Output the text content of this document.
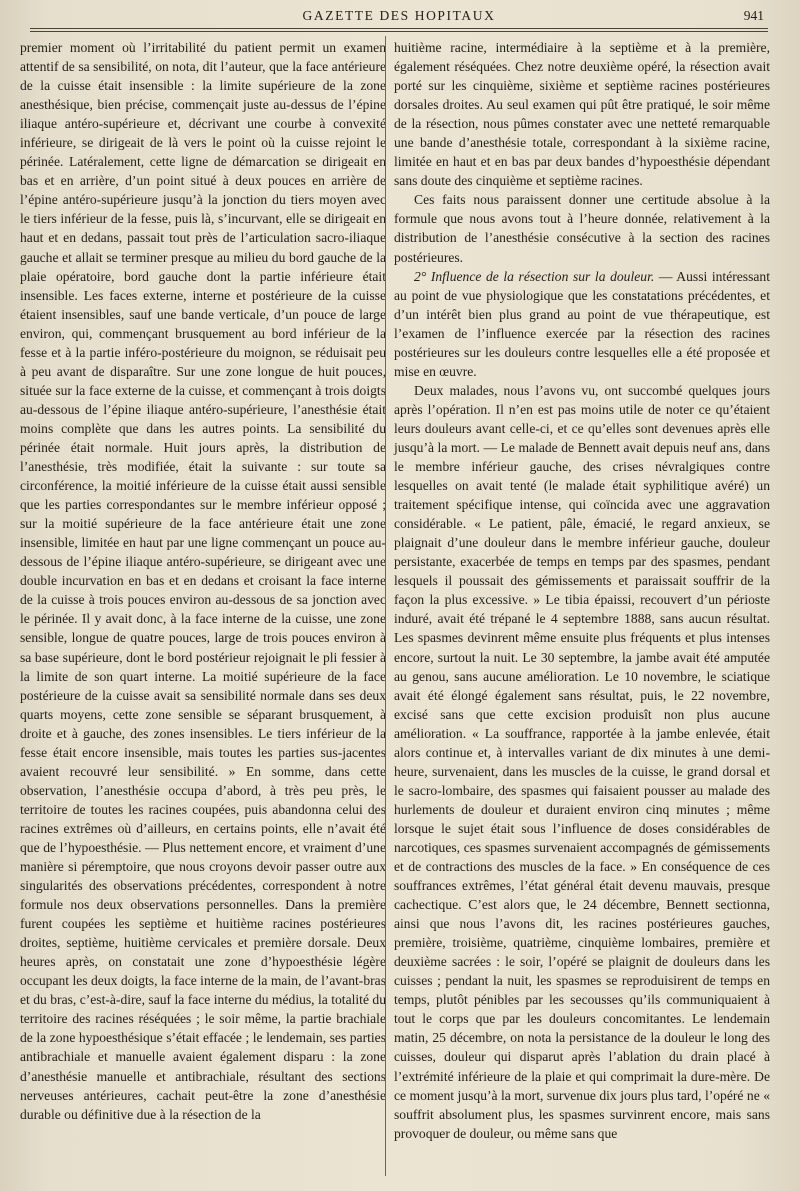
GAZETTE DES HOPITAUX	941

premier moment où l’irritabilité du patient permit un examen attentif de sa sensibilité, on nota, dit l’auteur, que la face antérieure de la cuisse était insensible : la limite supérieure de la zone anesthésique, bien précise, commençait juste au-dessus de l’épine iliaque antéro-supérieure et, décrivant une courbe à convexité inférieure, se dirigeait de là vers le point où la cuisse rejoint le périnée. Latéralement, cette ligne de démarcation se dirigeait en bas et en arrière, d’un point situé à deux pouces en arrière de l’épine antéro-supérieure jusqu’à la jonction du tiers moyen avec le tiers inférieur de la fesse, puis là, s’incurvant, elle se dirigeait en haut et en dedans, passait tout près de l’articulation sacro-iliaque gauche et allait se terminer presque au milieu du bord gauche de la plaie opératoire, bord gauche dont la partie inférieure était insensible. Les faces externe, interne et postérieure de la cuisse étaient insensibles, sauf une bande verticale, d’un pouce de large environ, qui, commençant brusquement au bord inférieur de la fesse et à la partie inféro-postérieure du moignon, se réduisait peu à peu avant de disparaître. Sur une zone longue de huit pouces, située sur la face externe de la cuisse, et commençant à trois doigts au-dessous de l’épine iliaque antéro-supérieure, l’anesthésie était moins complète que dans les autres points. La sensibilité du périnée était normale. Huit jours après, la distribution de l’anesthésie, très modifiée, était la suivante : sur toute sa circonférence, la moitié inférieure de la cuisse était aussi sensible que les parties correspondantes sur le membre inférieur opposé ; sur la moitié supérieure de la face antérieure était une zone insensible, limitée en haut par une ligne commençant un pouce au-dessous de l’épine iliaque antéro-supérieure, se dirigeant avec une double incurvation en bas et en dedans et croisant la face interne de la cuisse à trois pouces environ au-dessous de sa jonction avec le périnée. Il y avait donc, à la face interne de la cuisse, une zone sensible, longue de quatre pouces, large de trois pouces environ à sa base supérieure, dont le bord postérieur rejoignait le pli fessier à la limite de son quart interne. La moitié supérieure de la face postérieure de la cuisse avait sa sensibilité normale dans ses deux quarts moyens, cette zone sensible se séparant brusquement, à droite et à gauche, des zones insensibles. Le tiers inférieur de la fesse était encore insensible, mais toutes les parties sus-jacentes avaient recouvré leur sensibilité. » En somme, dans cette observation, l’anesthésie occupa d’abord, à très peu près, le territoire de toutes les racines coupées, puis abandonna celui des racines extrêmes où d’ailleurs, en certains points, elle n’avait été que de l’hypoesthésie. — Plus nettement encore, et vraiment d’une manière si péremptoire, que nous croyons devoir passer outre aux singularités des observations précédentes, correspondent à notre formule nos deux observations personnelles. Dans la première furent coupées les septième et huitième racines postérieures droites, septième, huitième cervicales et première dorsale. Deux heures après, on constatait une zone d’hypoesthésie légère occupant les deux doigts, la face interne de la main, de l’avant-bras et du bras, c’est-à-dire, sauf la face interne du médius, la totalité du territoire des racines réséquées ; le soir même, la partie brachiale de la zone hypoesthésique s’était effacée ; le lendemain, ses parties antibrachiale et manuelle avaient également disparu : la zone d’anesthésie manuelle et antibrachiale, résultant des sections nerveuses antérieures, cachait peut-être la zone d’anesthésie durable ou définitive due à la résection de la

huitième racine, intermédiaire à la septième et à la première, également réséquées. Chez notre deuxième opéré, la résection avait porté sur les cinquième, sixième et septième racines postérieures dorsales droites. Au seul examen qui pût être pratiqué, le soir même de la résection, nous pûmes constater avec une netteté remarquable une bande d’anesthésie totale, correspondant à la sixième racine, limitée en haut et en bas par deux bandes d’hypoesthésie dépendant sans doute des cinquième et septième racines.

Ces faits nous paraissent donner une certitude absolue à la formule que nous avons tout à l’heure donnée, relativement à la distribution de l’anesthésie consécutive à la section des racines postérieures.

2° Influence de la résection sur la douleur. — Aussi intéressant au point de vue physiologique que les constatations précédentes, et d’un intérêt bien plus grand au point de vue thérapeutique, est l’examen de l’influence exercée par la résection des racines postérieures sur les douleurs contre lesquelles elle a été proposée et mise en œuvre.

Deux malades, nous l’avons vu, ont succombé quelques jours après l’opération. Il n’en est pas moins utile de noter ce qu’étaient leurs douleurs avant celle-ci, et ce qu’elles sont devenues après elle jusqu’à la mort. — Le malade de Bennett avait depuis neuf ans, dans le membre inférieur gauche, des crises névralgiques contre lesquelles on avait tenté (le malade était syphilitique avéré) un traitement spécifique intense, qui coïncida avec une aggravation considérable. « Le patient, pâle, émacié, le regard anxieux, se plaignait d’une douleur dans le membre inférieur gauche, douleur persistante, exacerbée de temps en temps par des spasmes, pendant lesquels il poussait des gémissements et paraissait souffrir de la façon la plus excessive. » Le tibia épaissi, recouvert d’un périoste induré, avait été trépané le 4 septembre 1888, sans aucun résultat. Les spasmes devinrent même ensuite plus fréquents et plus intenses encore, surtout la nuit. Le 30 septembre, la jambe avait été amputée au genou, sans aucune amélioration. Le 10 novembre, le sciatique avait été élongé également sans résultat, puis, le 22 novembre, excisé sans que cette excision produisît non plus aucune amélioration. « La souffrance, rapportée à la jambe enlevée, était alors continue et, à intervalles variant de dix minutes à une demi-heure, survenaient, dans les muscles de la cuisse, le grand dorsal et le sacro-lombaire, des spasmes qui faisaient pousser au malade des hurlements de douleur et duraient environ cinq minutes ; même lorsque le sujet était sous l’influence de doses considérables de narcotiques, ces spasmes survenaient accompagnés de gémissements et de contractions des muscles de la face. » En conséquence de ces souffrances extrêmes, l’état général était devenu mauvais, presque cachectique. C’est alors que, le 24 décembre, Bennett sectionna, ainsi que nous l’avons dit, les racines postérieures gauches, première, troisième, quatrième, cinquième lombaires, première et deuxième sacrées : le soir, l’opéré se plaignit de douleurs dans les cuisses ; pendant la nuit, les spasmes se reproduisirent de temps en temps, plutôt pénibles par les secousses qu’ils communiquaient à tout le corps que par les douleurs concomitantes. Le lendemain matin, 25 décembre, on nota la persistance de la douleur le long des cuisses, douleur qui disparut après l’ablation du drain placé à l’extrémité inférieure de la plaie et qui comprimait la dure-mère. De ce moment jusqu’à la mort, survenue dix jours plus tard, l’opéré ne « souffrit absolument plus, les spasmes survinrent encore, mais sans provoquer de douleur, ou même sans que
